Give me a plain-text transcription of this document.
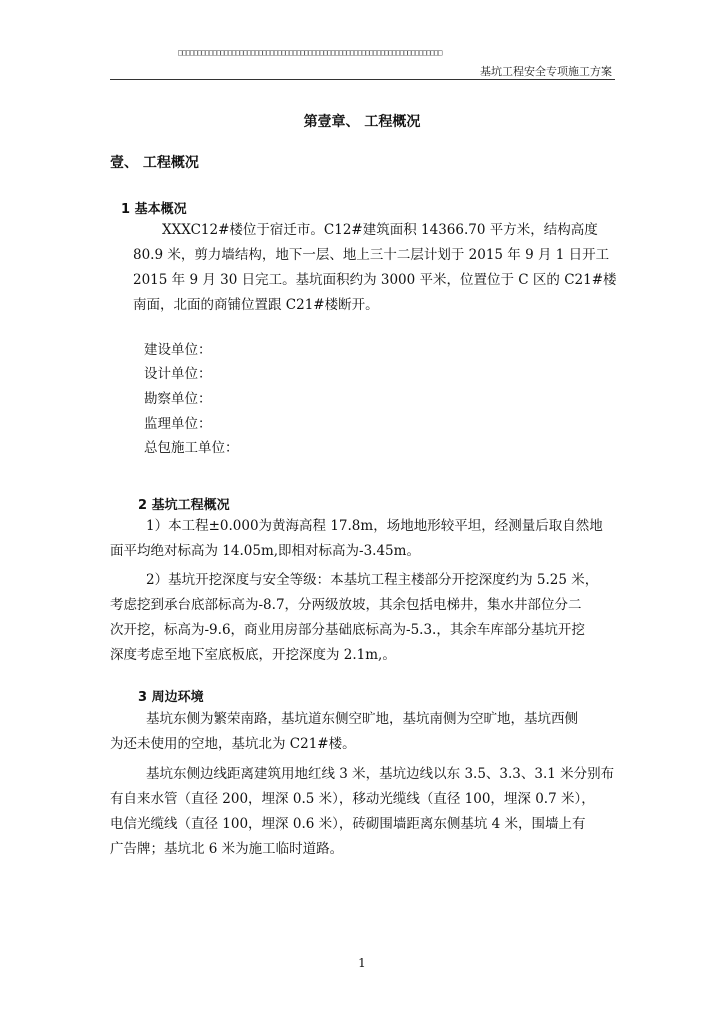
□□□□□□□□□□□□□□□□□□□□□□□□□□□□□□□□□□□□□□□□□□□□□□□□□□□□□□□□□□□□□□□□□□□□□
基坑工程安全专项施工方案
第壹章、 工程概况
壹、 工程概况
1 基本概况
XXXC12#楼位于宿迁市。C12#建筑面积 14366.70 平方米，结构高度
80.9 米，剪力墙结构，地下一层、地上三十二层计划于 2015 年 9 月 1 日开工
2015 年 9 月 30 日完工。基坑面积约为 3000 平米，位置位于 C 区的 C21#楼
南面，北面的商铺位置跟 C21#楼断开。
建设单位：
设计单位：
勘察单位：
监理单位：
总包施工单位：
2 基坑工程概况
1）本工程±0.000为黄海高程 17.8m，场地地形较平坦，经测量后取自然地
面平均绝对标高为 14.05m,即相对标高为-3.45m。
2）基坑开挖深度与安全等级：本基坑工程主楼部分开挖深度约为 5.25 米，
考虑挖到承台底部标高为-8.7，分两级放坡，其余包括电梯井，集水井部位分二
次开挖，标高为-9.6，商业用房部分基础底标高为-5.3.，其余车库部分基坑开挖
深度考虑至地下室底板底，开挖深度为 2.1m,。
3 周边环境
基坑东侧为繁荣南路，基坑道东侧空旷地，基坑南侧为空旷地，基坑西侧
为还未使用的空地，基坑北为 C21#楼。
基坑东侧边线距离建筑用地红线 3 米，基坑边线以东 3.5、3.3、3.1 米分别布
有自来水管（直径 200，埋深 0.5 米），移动光缆线（直径 100，埋深 0.7 米），
电信光缆线（直径 100，埋深 0.6 米），砖砌围墙距离东侧基坑 4 米，围墙上有
广告牌；基坑北 6 米为施工临时道路。
1
